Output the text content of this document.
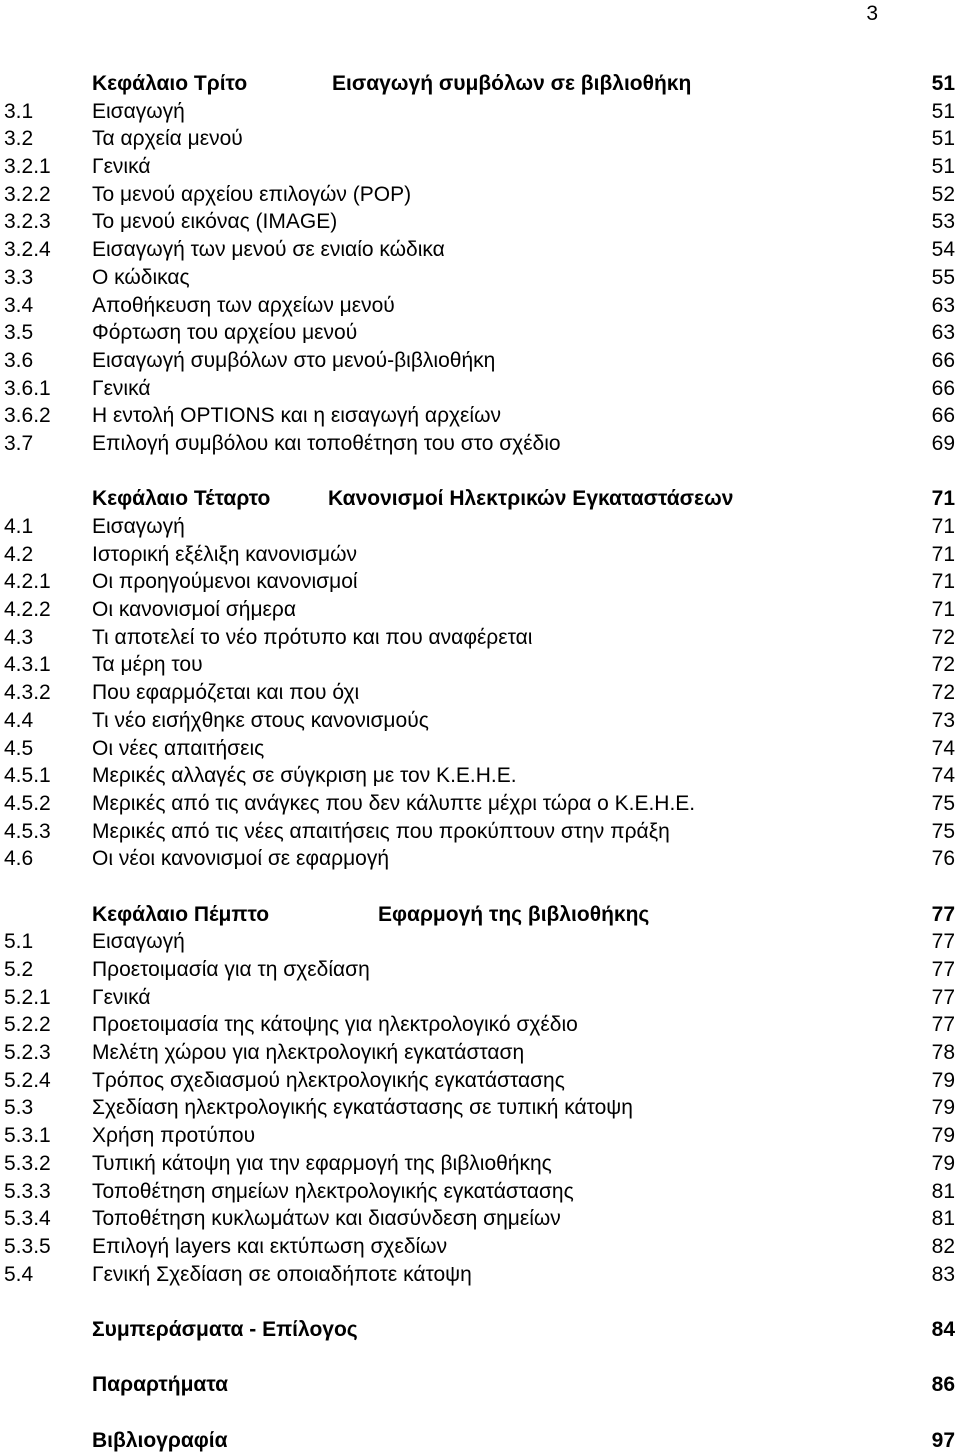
3
Κεφάλαιο Τρίτο	Εισαγωγή συμβόλων σε βιβλιοθήκη	51
3.1	Εισαγωγή	51
3.2	Τα αρχεία μενού	51
3.2.1 Γενικά	51
3.2.2 Το μενού αρχείου επιλογών (POP)	52
3.2.3 Το μενού εικόνας (IMAGE)	53
3.2.4 Εισαγωγή των μενού σε ενιαίο κώδικα	54
3.3	Ο κώδικας	55
3.4	Αποθήκευση των αρχείων μενού	63
3.5	Φόρτωση του αρχείου μενού	63
3.6	Εισαγωγή συμβόλων στο μενού-βιβλιοθήκη	66
3.6.1 Γενικά	66
3.6.2 Η εντολή OPTIONS και η εισαγωγή αρχείων	66
3.7	Επιλογή συμβόλου και τοποθέτηση του στο σχέδιο	69
Κεφάλαιο Τέταρτο	Κανονισμοί Ηλεκτρικών Εγκαταστάσεων	71
4.1	Εισαγωγή	71
4.2	Ιστορική εξέλιξη κανονισμών	71
4.2.1 Οι προηγούμενοι κανονισμοί	71
4.2.2 Οι κανονισμοί σήμερα	71
4.3	Τι αποτελεί το νέο πρότυπο και που αναφέρεται	72
4.3.1 Τα μέρη του	72
4.3.2 Που εφαρμόζεται και που όχι	72
4.4	Τι νέο εισήχθηκε στους κανονισμούς	73
4.5	Οι νέες απαιτήσεις	74
4.5.1 Μερικές αλλαγές σε σύγκριση με τον Κ.Ε.Η.Ε.	74
4.5.2 Μερικές από τις ανάγκες που δεν κάλυπτε μέχρι τώρα ο Κ.Ε.Η.Ε.	75
4.5.3 Μερικές από τις νέες απαιτήσεις που προκύπτουν στην πράξη	75
4.6	Οι νέοι κανονισμοί σε εφαρμογή	76
Κεφάλαιο Πέμπτο	Εφαρμογή της βιβλιοθήκης	77
5.1	Εισαγωγή	77
5.2	Προετοιμασία για τη σχεδίαση	77
5.2.1 Γενικά	77
5.2.2 Προετοιμασία της κάτοψης για ηλεκτρολογικό σχέδιο	77
5.2.3 Μελέτη χώρου για ηλεκτρολογική εγκατάσταση	78
5.2.4 Τρόπος σχεδιασμού ηλεκτρολογικής εγκατάστασης	79
5.3	Σχεδίαση ηλεκτρολογικής εγκατάστασης σε τυπική κάτοψη	79
5.3.1 Χρήση προτύπου	79
5.3.2 Τυπική κάτοψη για την εφαρμογή της βιβλιοθήκης	79
5.3.3 Τοποθέτηση σημείων ηλεκτρολογικής εγκατάστασης	81
5.3.4 Τοποθέτηση κυκλωμάτων και διασύνδεση σημείων	81
5.3.5 Επιλογή layers και εκτύπωση σχεδίων	82
5.4	Γενική Σχεδίαση σε οποιαδήποτε κάτοψη	83
Συμπεράσματα - Επίλογος	84
Παραρτήματα	86
Βιβλιογραφία	97
